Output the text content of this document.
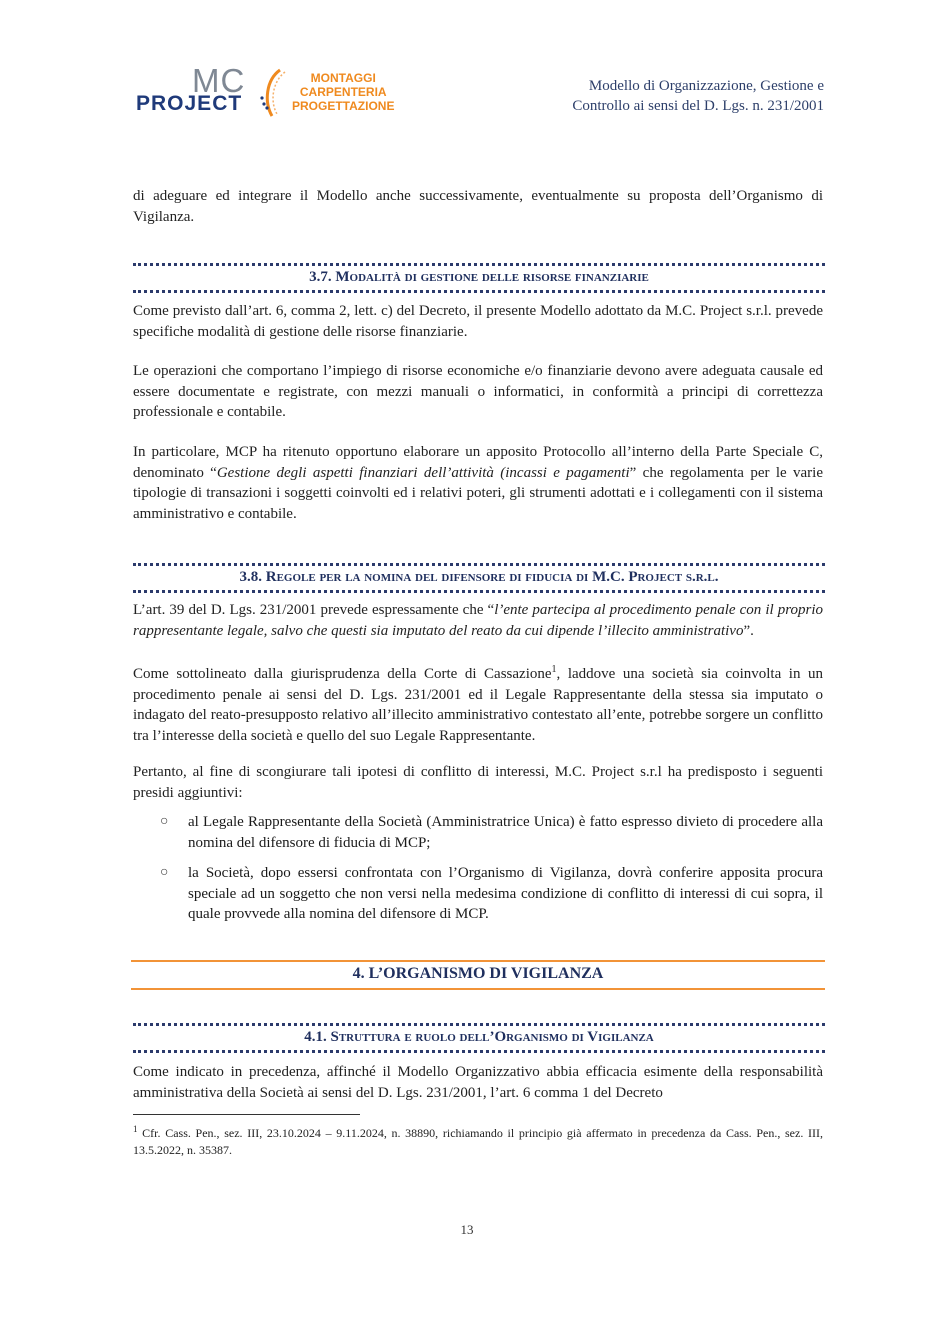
MC
PROJECT
MONTAGGI
CARPENTERIA
PROGETTAZIONE
Modello di Organizzazione, Gestione e
Controllo ai sensi del D. Lgs. n. 231/2001
di adeguare ed integrare il Modello anche successivamente, eventualmente su proposta dell’Organismo di Vigilanza.
3.7. Modalità di gestione delle risorse finanziarie
Come previsto dall’art. 6, comma 2, lett. c) del Decreto, il presente Modello adottato da M.C. Project s.r.l. prevede specifiche modalità di gestione delle risorse finanziarie.
Le operazioni che comportano l’impiego di risorse economiche e/o finanziarie devono avere adeguata causale ed essere documentate e registrate, con mezzi manuali o informatici, in conformità a principi di correttezza professionale e contabile.
In particolare, MCP ha ritenuto opportuno elaborare un apposito Protocollo all’interno della Parte Speciale C, denominato “Gestione degli aspetti finanziari dell’attività (incassi e pagamenti” che regolamenta per le varie tipologie di transazioni i soggetti coinvolti ed i relativi poteri, gli strumenti adottati e i collegamenti con il sistema amministrativo e contabile.
3.8. Regole per la nomina del difensore di fiducia di M.C. Project s.r.l.
L’art. 39 del D. Lgs. 231/2001 prevede espressamente che “l’ente partecipa al procedimento penale con il proprio rappresentante legale, salvo che questi sia imputato del reato da cui dipende l’illecito amministrativo”.
Come sottolineato dalla giurisprudenza della Corte di Cassazione$^1$, laddove una società sia coinvolta in un procedimento penale ai sensi del D. Lgs. 231/2001 ed il Legale Rappresentante della stessa sia imputato o indagato del reato-presupposto relativo all’illecito amministrativo contestato all’ente, potrebbe sorgere un conflitto tra l’interesse della società e quello del suo Legale Rappresentante.
Pertanto, al fine di scongiurare tali ipotesi di conflitto di interessi, M.C. Project s.r.l ha predisposto i seguenti presidi aggiuntivi:
○ al Legale Rappresentante della Società (Amministratrice Unica) è fatto espresso divieto di procedere alla nomina del difensore di fiducia di MCP;
○ la Società, dopo essersi confrontata con l’Organismo di Vigilanza, dovrà conferire apposita procura speciale ad un soggetto che non versi nella medesima condizione di conflitto di interessi di cui sopra, il quale provvede alla nomina del difensore di MCP.
4. L’ORGANISMO DI VIGILANZA
4.1. Struttura e ruolo dell’Organismo di Vigilanza
Come indicato in precedenza, affinché il Modello Organizzativo abbia efficacia esimente della responsabilità amministrativa della Società ai sensi del D. Lgs. 231/2001, l’art. 6 comma 1 del Decreto
$^1$ Cfr. Cass. Pen., sez. III, 23.10.2024 – 9.11.2024, n. 38890, richiamando il principio già affermato in precedenza da Cass. Pen., sez. III, 13.5.2022, n. 35387.
13
